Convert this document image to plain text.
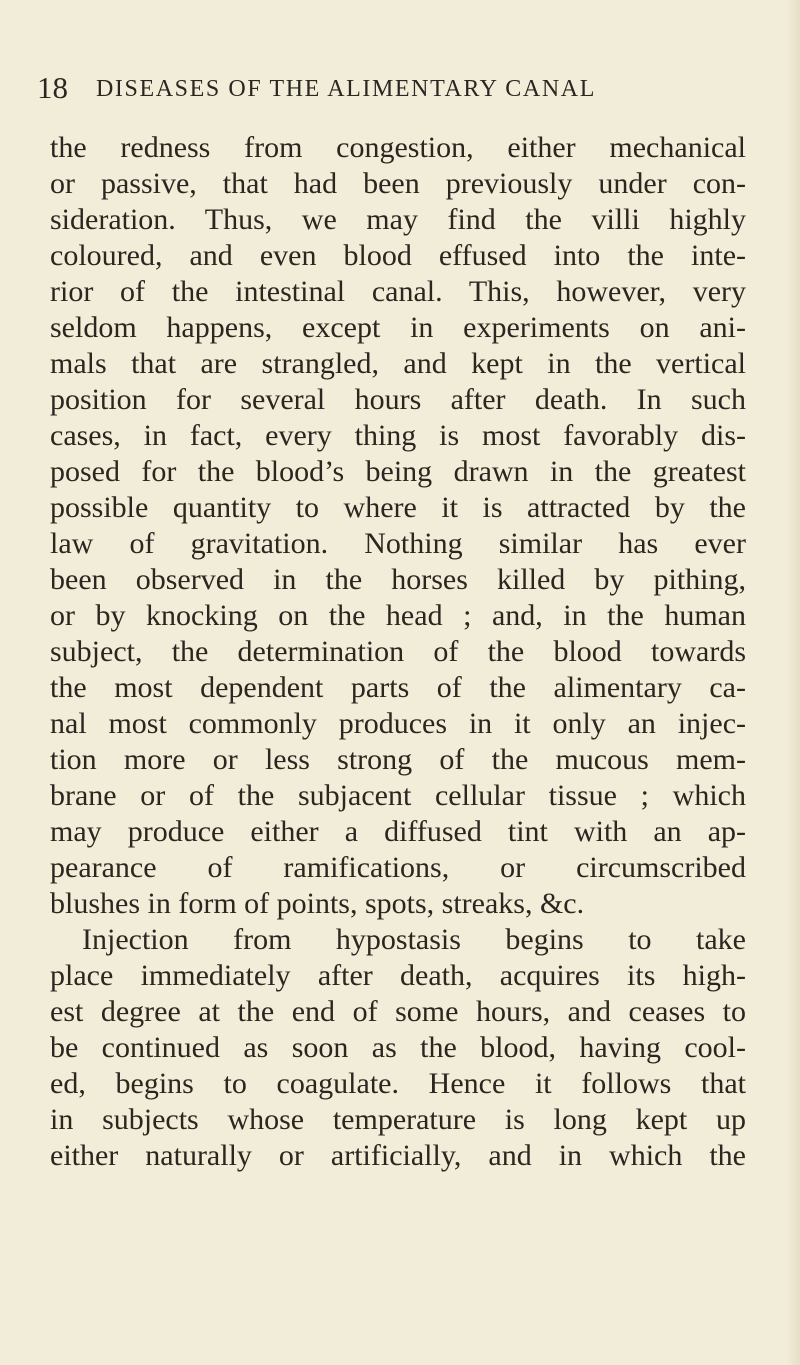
18 DISEASES OF THE ALIMENTARY CANAL
the redness from congestion, either mechanical
or passive, that had been previously under con-
sideration. Thus, we may find the villi highly
coloured, and even blood effused into the inte-
rior of the intestinal canal. This, however, very
seldom happens, except in experiments on ani-
mals that are strangled, and kept in the vertical
position for several hours after death. In such
cases, in fact, every thing is most favorably dis-
posed for the blood’s being drawn in the greatest
possible quantity to where it is attracted by the
law of gravitation. Nothing similar has ever
been observed in the horses killed by pithing,
or by knocking on the head ; and, in the human
subject, the determination of the blood towards
the most dependent parts of the alimentary ca-
nal most commonly produces in it only an injec-
tion more or less strong of the mucous mem-
brane or of the subjacent cellular tissue ; which
may produce either a diffused tint with an ap-
pearance of ramifications, or circumscribed
blushes in form of points, spots, streaks, &c.
Injection from hypostasis begins to take
place immediately after death, acquires its high-
est degree at the end of some hours, and ceases to
be continued as soon as the blood, having cool-
ed, begins to coagulate. Hence it follows that
in subjects whose temperature is long kept up
either naturally or artificially, and in which the
